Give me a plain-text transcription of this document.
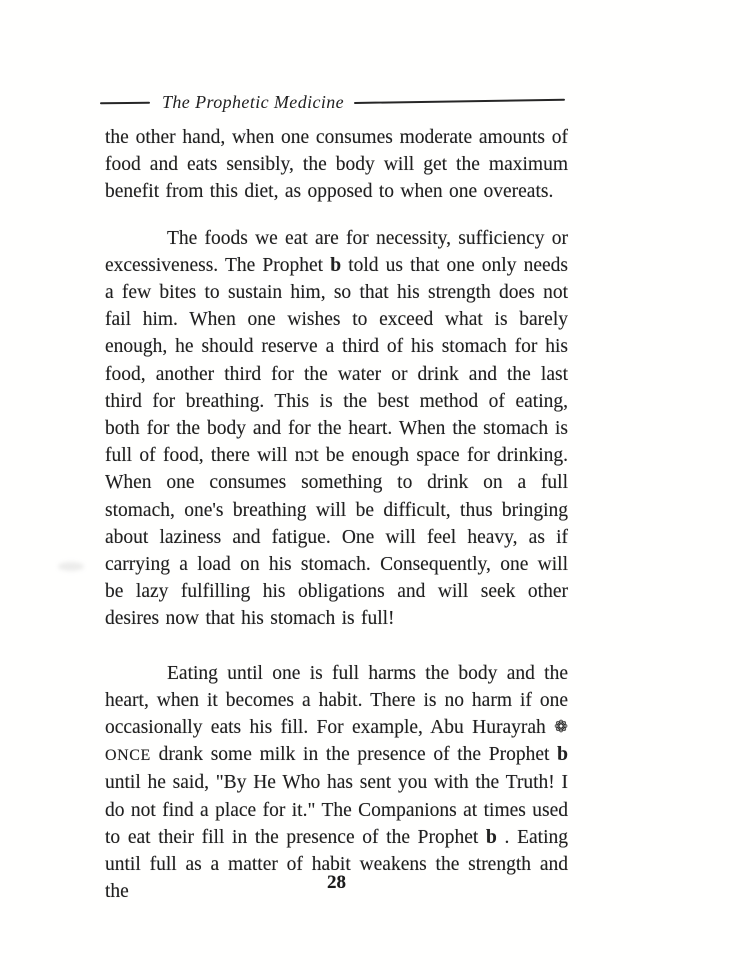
The Prophetic Medicine

the other hand, when one consumes moderate amounts of food and eats sensibly, the body will get the maximum benefit from this diet, as opposed to when one overeats.

The foods we eat are for necessity, sufficiency or excessiveness. The Prophet b told us that one only needs a few bites to sustain him, so that his strength does not fail him. When one wishes to exceed what is barely enough, he should reserve a third of his stomach for his food, another third for the water or drink and the last third for breathing. This is the best method of eating, both for the body and for the heart. When the stomach is full of food, there will nɔt be enough space for drinking. When one consumes something to drink on a full stomach, one's breathing will be difficult, thus bringing about laziness and fatigue. One will feel heavy, as if carrying a load on his stomach. Consequently, one will be lazy fulfilling his obligations and will seek other desires now that his stomach is full!

Eating until one is full harms the body and the heart, when it becomes a habit. There is no harm if one occasionally eats his fill. For example, Abu Hurayrah ❁ ONCE drank some milk in the presence of the Prophet b until he said, "By He Who has sent you with the Truth! I do not find a place for it." The Companions at times used to eat their fill in the presence of the Prophet b . Eating until full as a matter of habit weakens the strength and the	28
